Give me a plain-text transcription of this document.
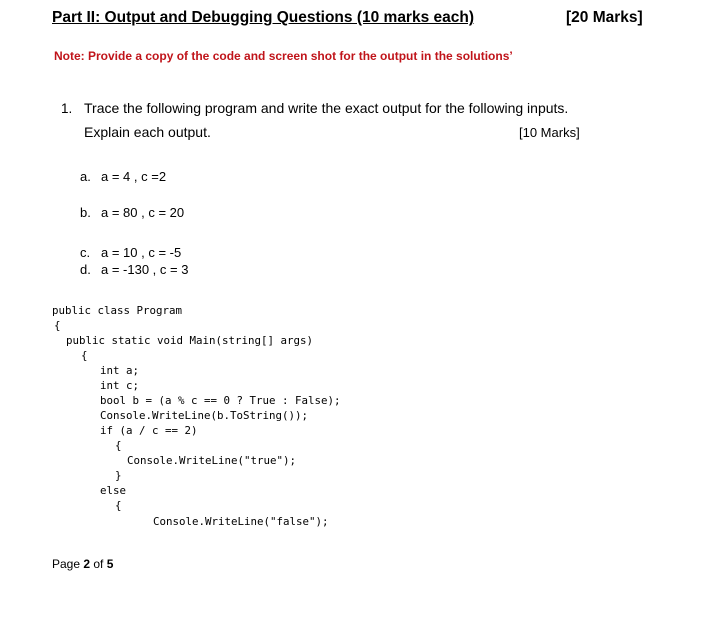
Part II: Output and Debugging Questions (10 marks each)	[20 Marks]
Note: Provide a copy of the code and screen shot for the output in the solutions’
1. Trace the following program and write the exact output for the following inputs.
Explain each output.	[10 Marks]
a. a = 4 , c =2
b. a = 80 , c = 20
c. a = 10 , c = -5
d. a = -130 , c = 3
public class Program
{
public static void Main(string[] args)
{
int a;
int c;
bool b = (a % c == 0 ? True : False);
Console.WriteLine(b.ToString());
if (a / c == 2)
{
Console.WriteLine("true");
}
else
{
Console.WriteLine("false");
Page 2 of 5
